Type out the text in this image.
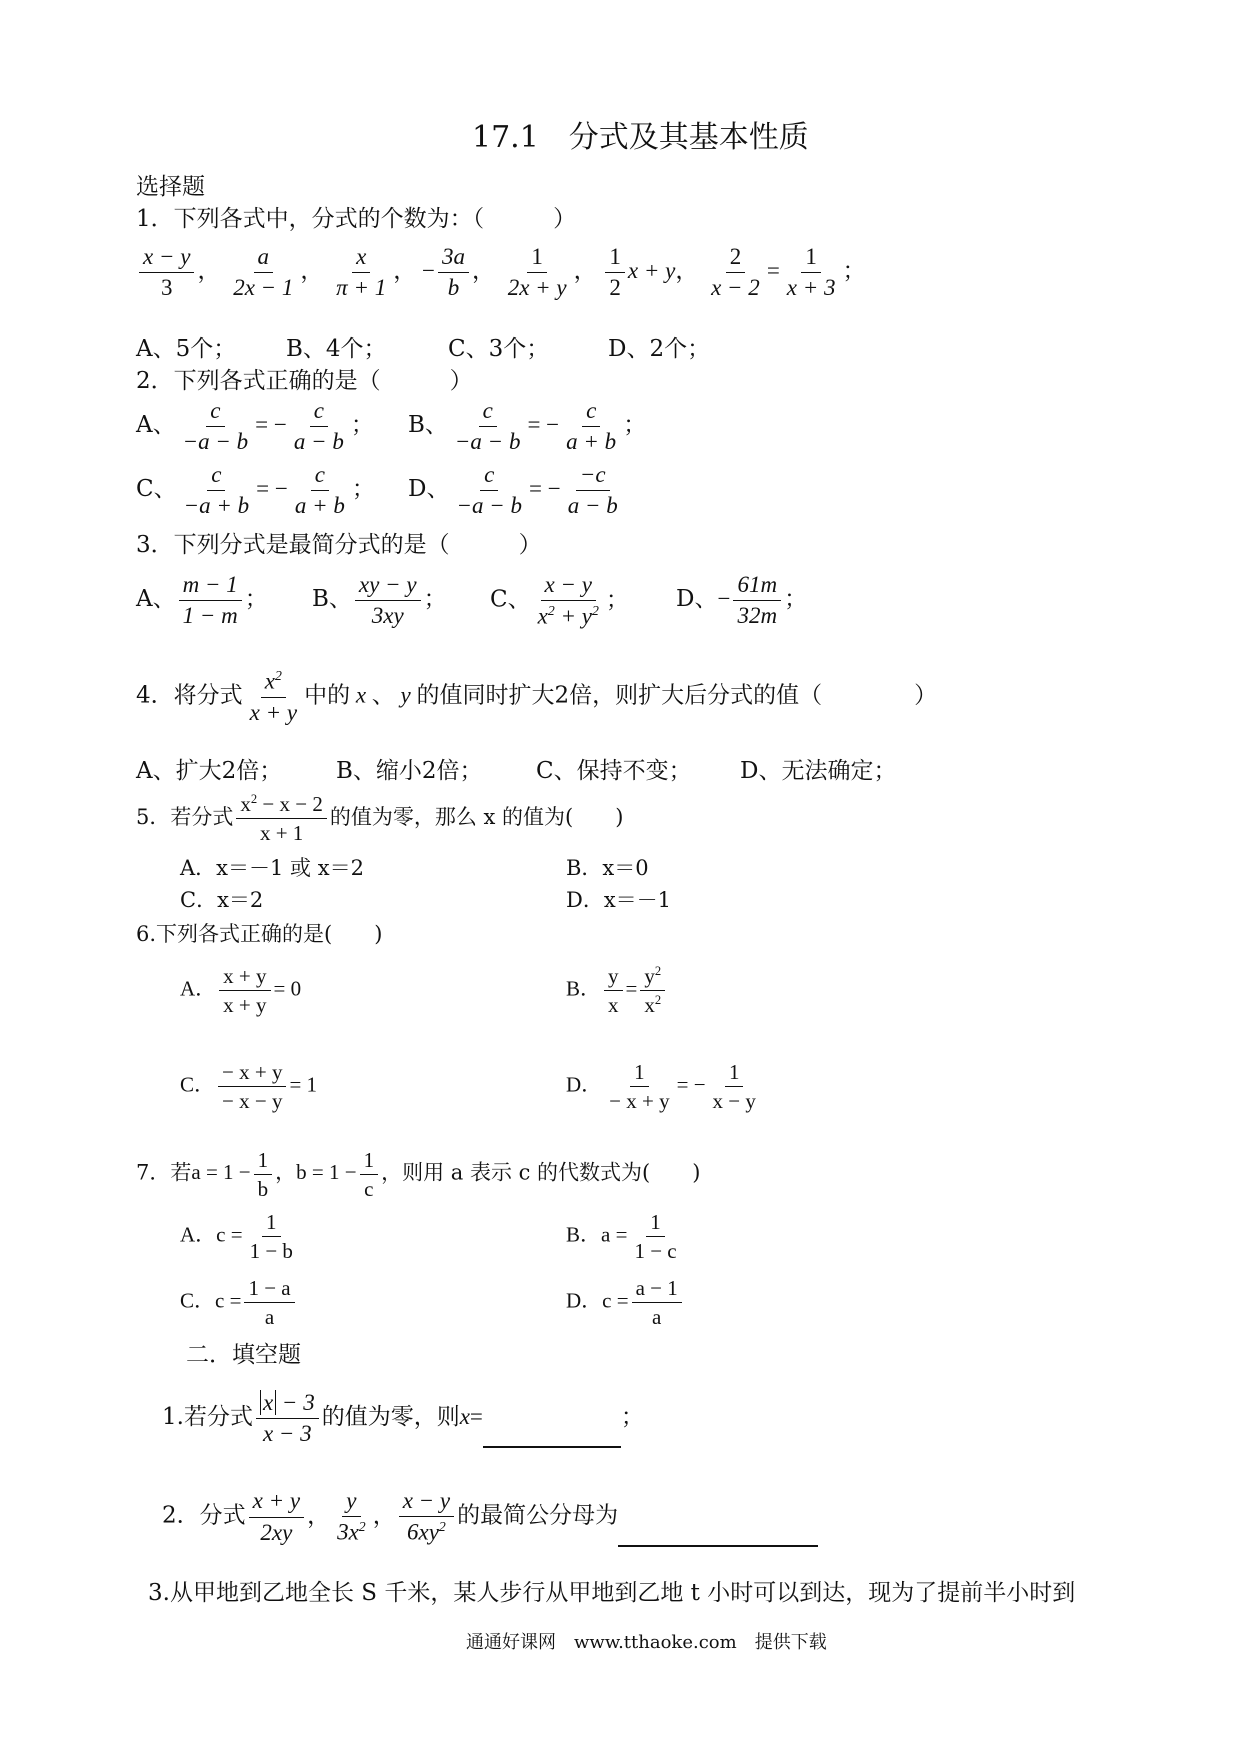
17.1　分式及其基本性质
选择题
1．下列各式中，分式的个数为：（　　　）
$\frac{x - y}{3}$ ， $\frac{a}{2x - 1}$ ， $\frac{x}{\pi + 1}$ ， − $\frac{3a}{b}$ ， $\frac{1}{2x + y}$ ， $\frac{1}{2}$ x + y， $\frac{2}{x - 2} = \frac{1}{x + 3}$ ；
A、5个； B、4个；	C、3个；	D、2个；
2．下列各式正确的是（　　　）
A、 $\frac{c}{-a - b}$ = − $\frac{c}{a - b}$ ； B、 $\frac{c}{-a - b}$ = − $\frac{c}{a + b}$ ；
C、 $\frac{c}{-a + b}$ = − $\frac{c}{a + b}$ ； D、 $\frac{c}{-a - b}$ = − $\frac{-c}{a - b}$
3．下列分式是最简分式的是（　　　）
A、 $\frac{m - 1}{1 - m}$ ； B、 $\frac{xy - y}{3xy}$ ； C、 $\frac{x - y}{x^2 + y^2}$ ； D、− $\frac{61m}{32m}$ ；
4．将分式 $\frac{x^2}{x + y}$ 中的 x 、 y 的值同时扩大2倍，则扩大后分式的值（　　　　）
A、扩大2倍； B、缩小2倍； C、保持不变； D、无法确定；
5．若分式 $\frac{x^2 - x - 2}{x + 1}$ 的值为零，那么 x 的值为(　　)
A．x＝－1 或 x＝2	B．x＝0
C．x＝2	D．x＝－1
6.下列各式正确的是(　　)
A． $\frac{x + y}{x + y} = 0$	B． $\frac{y}{x} = \frac{y^2}{x^2}$
C． $\frac{- x + y}{- x - y} = 1$	D． $\frac{1}{- x + y}$ = − $\frac{1}{x - y}$
7．若$a = 1 - \frac{1}{b}$ ，$b = 1 - \frac{1}{c}$ ，则用 a 表示 c 的代数式为(　　)
A．$c = \frac{1}{1 - b}$	B．$a = \frac{1}{1 - c}$
C．$c = \frac{1 - a}{a}$	D．$c = \frac{a - 1}{a}$
二．填空题
1.若分式 $\frac{x - 3}{x - 3}$ 的值为零，则x=	；
2．分式 $\frac{x + y}{2xy}$ ， $\frac{y}{3x^2}$ ， $\frac{x - y}{6xy^2}$ 的最简公分母为
3.从甲地到乙地全长 S 千米，某人步行从甲地到乙地 t 小时可以到达，现为了提前半小时到
通通好课网　www.tthaoke.com　提供下载
